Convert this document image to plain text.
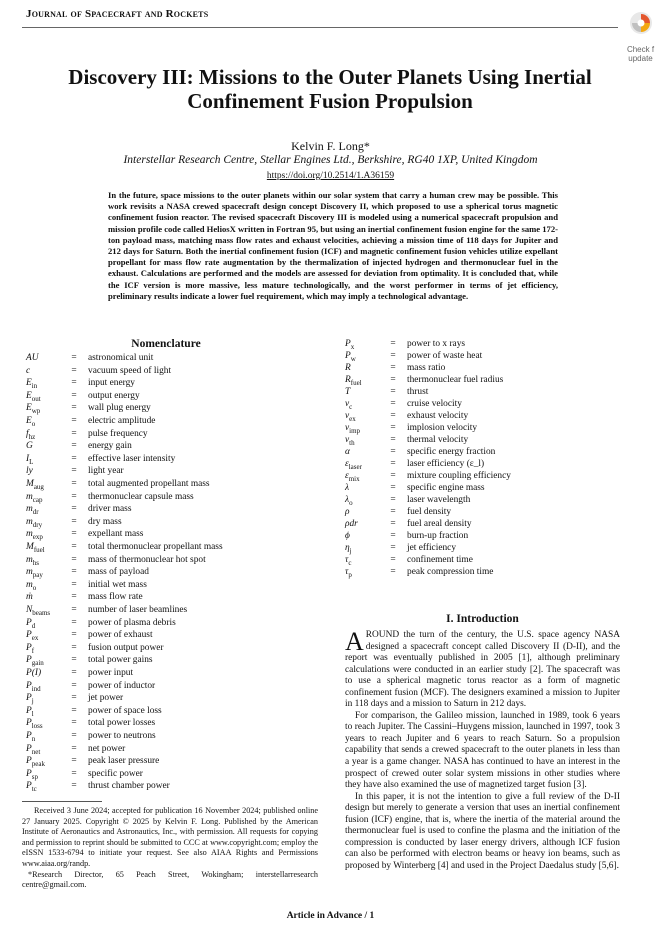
Journal of Spacecraft and Rockets
Check f
update
Discovery III: Missions to the Outer Planets Using Inertial Confinement Fusion Propulsion
Kelvin F. Long*
Interstellar Research Centre, Stellar Engines Ltd., Berkshire, RG40 1XP, United Kingdom
https://doi.org/10.2514/1.A36159
In the future, space missions to the outer planets within our solar system that carry a human crew may be possible. This work revisits a NASA crewed spacecraft design concept Discovery II, which proposed to use a spherical torus magnetic confinement fusion reactor. The revised spacecraft Discovery III is modeled using a numerical spacecraft propulsion and mission profile code called HeliosX written in Fortran 95, but using an inertial confinement fusion engine for the same 172-ton payload mass, matching mass flow rates and exhaust velocities, achieving a mission time of 118 days for Jupiter and 212 days for Saturn. Both the inertial confinement fusion (ICF) and magnetic confinement fusion vehicles utilize expellant propellant for mass flow rate augmentation by the thermalization of injected hydrogen and thermonuclear fuel in the exhaust. Calculations are performed and the models are assessed for deviation from optimality. It is concluded that, while the ICF version is more massive, less mature technologically, and the worst performer in terms of jet efficiency, preliminary results indicate a lower fuel requirement, which may imply a technological advantage.
Nomenclature
AU	= astronomical unit
c	= vacuum speed of light
$E_{in}$	= input energy
$E_{out}$	= output energy
$E_{wp}$	= wall plug energy
$E_o$	= electric amplitude
$f_{hz}$	= pulse frequency
G	= energy gain
$I_L$	= effective laser intensity
ly	= light year
$M_{aug}$	= total augmented propellant mass
$m_{cap}$	= thermonuclear capsule mass
$m_{dr}$	= driver mass
$m_{dry}$	= dry mass
$m_{exp}$	= expellant mass
$M_{fuel}$	= total thermonuclear propellant mass
$m_{hs}$	= mass of thermonuclear hot spot
$m_{pay}$	= mass of payload
$m_o$	= initial wet mass
ṁ	= mass flow rate
$N_{beams}$	= number of laser beamlines
$P_d$	= power of plasma debris
$P_{ex}$	= power of exhaust
$P_f$	= fusion output power
$P_{gain}$	= total power gains
P(I)	= power input
$P_{ind}$	= power of inductor
$P_j$	= jet power
$P_l$	= power of space loss
$P_{loss}$	= total power losses
$P_n$	= power to neutrons
$P_{net}$	= net power
$P_{peak}$	= peak laser pressure
$P_{sp}$	= specific power
$P_{tc}$	= thrust chamber power
$P_x$	= power to x rays
$P_w$	= power of waste heat
R	= mass ratio
$R_{fuel}$	= thermonuclear fuel radius
T	= thrust
$v_c$	= cruise velocity
$v_{ex}$	= exhaust velocity
$v_{imp}$	= implosion velocity
$v_{th}$	= thermal velocity
α	= specific energy fraction
$\varepsilon_{laser}$	= laser efficiency (ε_l)
$\varepsilon_{mix}$	= mixture coupling efficiency
λ	= specific engine mass
$\lambda_o$	= laser wavelength
ρ	= fuel density
ρdr	= fuel areal density
ϕ	= burn-up fraction
$\eta_j$	= jet efficiency
$\tau_c$	= confinement time
$\tau_p$	= peak compression time
Received 3 June 2024; accepted for publication 16 November 2024; published online 27 January 2025. Copyright © 2025 by Kelvin F. Long. Published by the American Institute of Aeronautics and Astronautics, Inc., with permission. All requests for copying and permission to reprint should be submitted to CCC at www.copyright.com; employ the eISSN 1533-6794 to initiate your request. See also AIAA Rights and Permissions www.aiaa.org/randp.
*Research Director, 65 Peach Street, Wokingham; interstellarresearch centre@gmail.com.
I. Introduction

AROUND the turn of the century, the U.S. space agency NASA designed a spacecraft concept called Discovery II (D-II), and the report was eventually published in 2005 [1], although preliminary calculations were conducted in an earlier study [2]. The spacecraft was to use a spherical magnetic torus reactor as a form of magnetic confinement fusion (MCF). The designers examined a mission to Jupiter in 118 days and a mission to Saturn in 212 days.

For comparison, the Galileo mission, launched in 1989, took 6 years to reach Jupiter. The Cassini–Huygens mission, launched in 1997, took 3 years to reach Jupiter and 6 years to reach Saturn. So a propulsion capability that sends a crewed spacecraft to the outer planets in less than a year is a game changer. NASA has continued to have an interest in the prospect of crewed outer solar system missions in other studies where they have also examined the use of magnetized target fusion [3].

In this paper, it is not the intention to give a full review of the D-II design but merely to generate a version that uses an inertial confinement fusion (ICF) engine, that is, where the inertia of the material around the thermonuclear fuel is used to confine the plasma and the initiation of the compression is conducted by laser energy drivers, although ICF fusion can also be performed with electron beams or heavy ion beams, such as proposed by Winterberg [4] and used in the Project Daedalus study [5,6].

Article in Advance / 1
